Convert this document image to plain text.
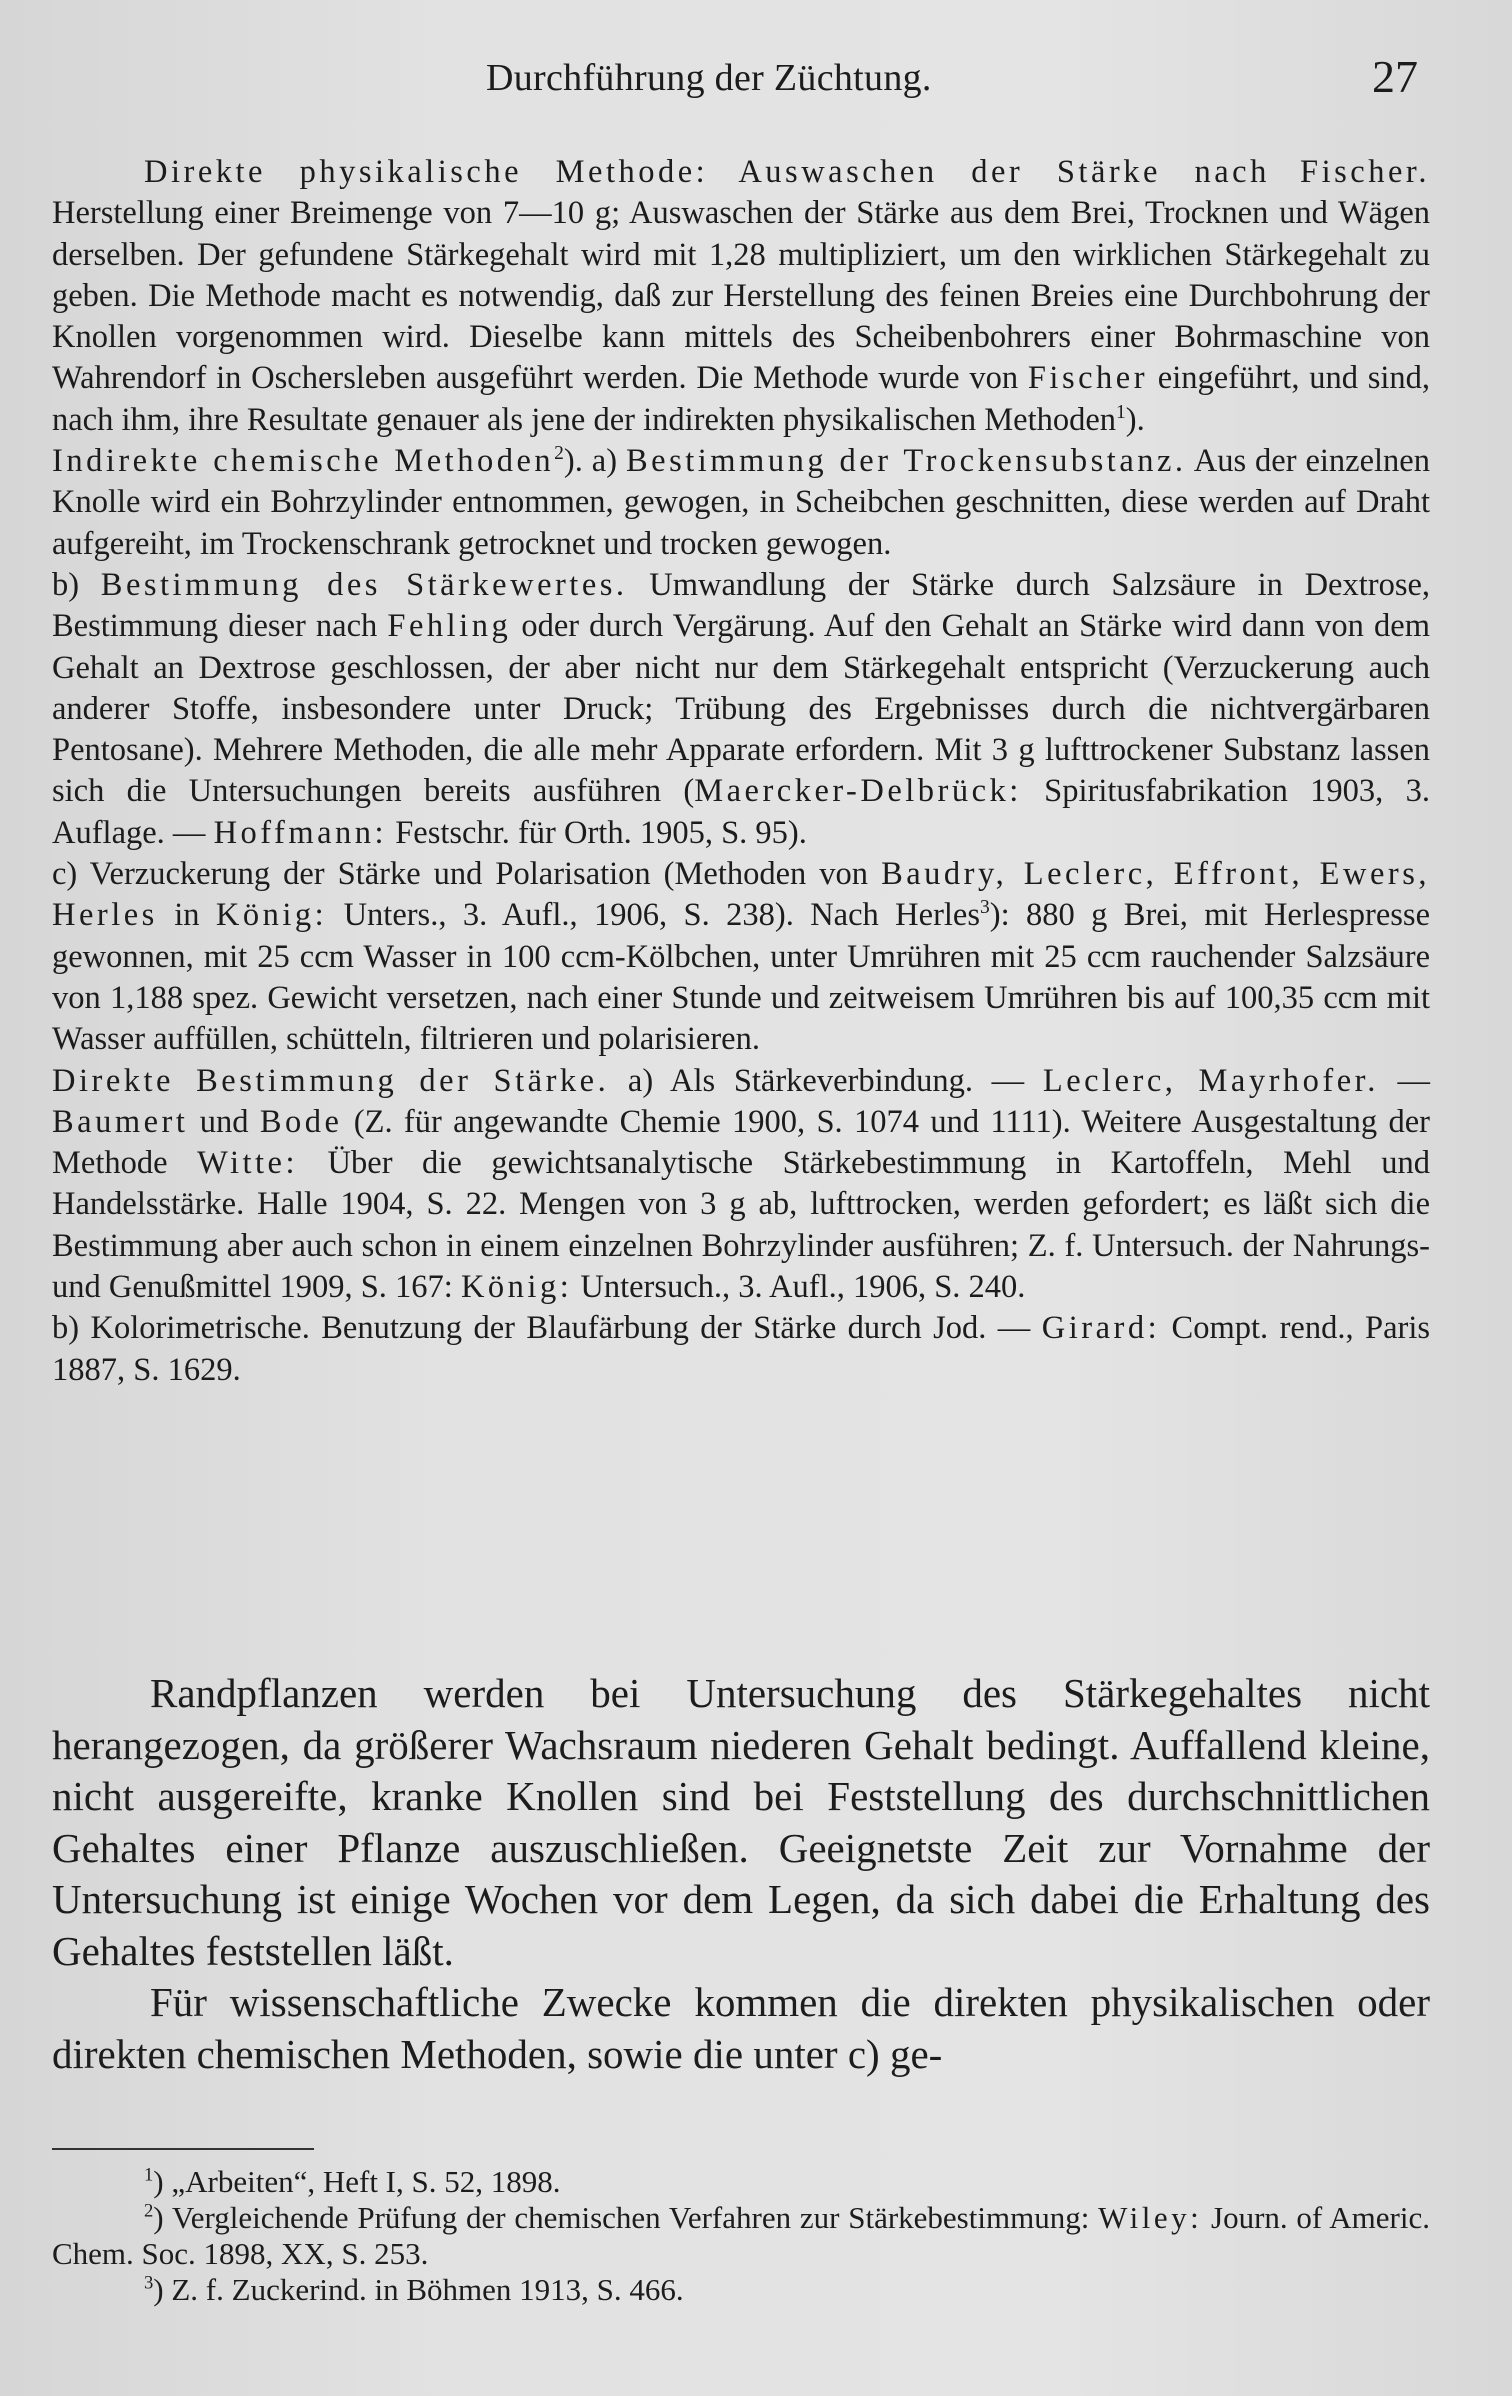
Durchführung der Züchtung.	27

Direkte physikalische Methode: Auswaschen der Stärke nach Fischer. Herstellung einer Breimenge von 7—10 g; Auswaschen der Stärke aus dem Brei, Trocknen und Wägen derselben. Der gefundene Stärkegehalt wird mit 1,28 multipliziert, um den wirklichen Stärkegehalt zu geben. Die Methode macht es notwendig, daß zur Herstellung des feinen Breies eine Durchbohrung der Knollen vorgenommen wird. Dieselbe kann mittels des Scheibenbohrers einer Bohrmaschine von Wahrendorf in Oschersleben ausgeführt werden. Die Methode wurde von Fischer eingeführt, und sind, nach ihm, ihre Resultate genauer als jene der indirekten physikalischen Methoden$^1$).

Indirekte chemische Methoden$^2$). a) Bestimmung der Trockensubstanz. Aus der einzelnen Knolle wird ein Bohrzylinder entnommen, gewogen, in Scheibchen geschnitten, diese werden auf Draht aufgereiht, im Trockenschrank getrocknet und trocken gewogen.

b) Bestimmung des Stärkewertes. Umwandlung der Stärke durch Salzsäure in Dextrose, Bestimmung dieser nach Fehling oder durch Vergärung. Auf den Gehalt an Stärke wird dann von dem Gehalt an Dextrose geschlossen, der aber nicht nur dem Stärkegehalt entspricht (Verzuckerung auch anderer Stoffe, insbesondere unter Druck; Trübung des Ergebnisses durch die nichtvergärbaren Pentosane). Mehrere Methoden, die alle mehr Apparate erfordern. Mit 3 g lufttrockener Substanz lassen sich die Untersuchungen bereits ausführen (Maercker-Delbrück: Spiritusfabrikation 1903, 3. Auflage. — Hoffmann: Festschr. für Orth. 1905, S. 95).

c) Verzuckerung der Stärke und Polarisation (Methoden von Baudry, Leclerc, Effront, Ewers, Herles in König: Unters., 3. Aufl., 1906, S. 238). Nach Herles$^3$): 880 g Brei, mit Herlespresse gewonnen, mit 25 ccm Wasser in 100 ccm-Kölbchen, unter Umrühren mit 25 ccm rauchender Salzsäure von 1,188 spez. Gewicht versetzen, nach einer Stunde und zeitweisem Umrühren bis auf 100,35 ccm mit Wasser auffüllen, schütteln, filtrieren und polarisieren.

Direkte Bestimmung der Stärke. a) Als Stärkeverbindung. — Leclerc, Mayrhofer. — Baumert und Bode (Z. für angewandte Chemie 1900, S. 1074 und 1111). Weitere Ausgestaltung der Methode Witte: Über die gewichtsanalytische Stärkebestimmung in Kartoffeln, Mehl und Handelsstärke. Halle 1904, S. 22. Mengen von 3 g ab, lufttrocken, werden gefordert; es läßt sich die Bestimmung aber auch schon in einem einzelnen Bohrzylinder ausführen; Z. f. Untersuch. der Nahrungs- und Genußmittel 1909, S. 167: König: Untersuch., 3. Aufl., 1906, S. 240.

b) Kolorimetrische. Benutzung der Blaufärbung der Stärke durch Jod. — Girard: Compt. rend., Paris 1887, S. 1629.

Randpflanzen werden bei Untersuchung des Stärkegehaltes nicht herangezogen, da größerer Wachsraum niederen Gehalt bedingt. Auffallend kleine, nicht ausgereifte, kranke Knollen sind bei Feststellung des durchschnittlichen Gehaltes einer Pflanze auszuschließen. Geeignetste Zeit zur Vornahme der Untersuchung ist einige Wochen vor dem Legen, da sich dabei die Erhaltung des Gehaltes feststellen läßt.

Für wissenschaftliche Zwecke kommen die direkten physikalischen oder direkten chemischen Methoden, sowie die unter c) ge-

$^1$) „Arbeiten“, Heft I, S. 52, 1898.

$^2$) Vergleichende Prüfung der chemischen Verfahren zur Stärkebestimmung: Wiley: Journ. of Americ. Chem. Soc. 1898, XX, S. 253.

$^3$) Z. f. Zuckerind. in Böhmen 1913, S. 466.
